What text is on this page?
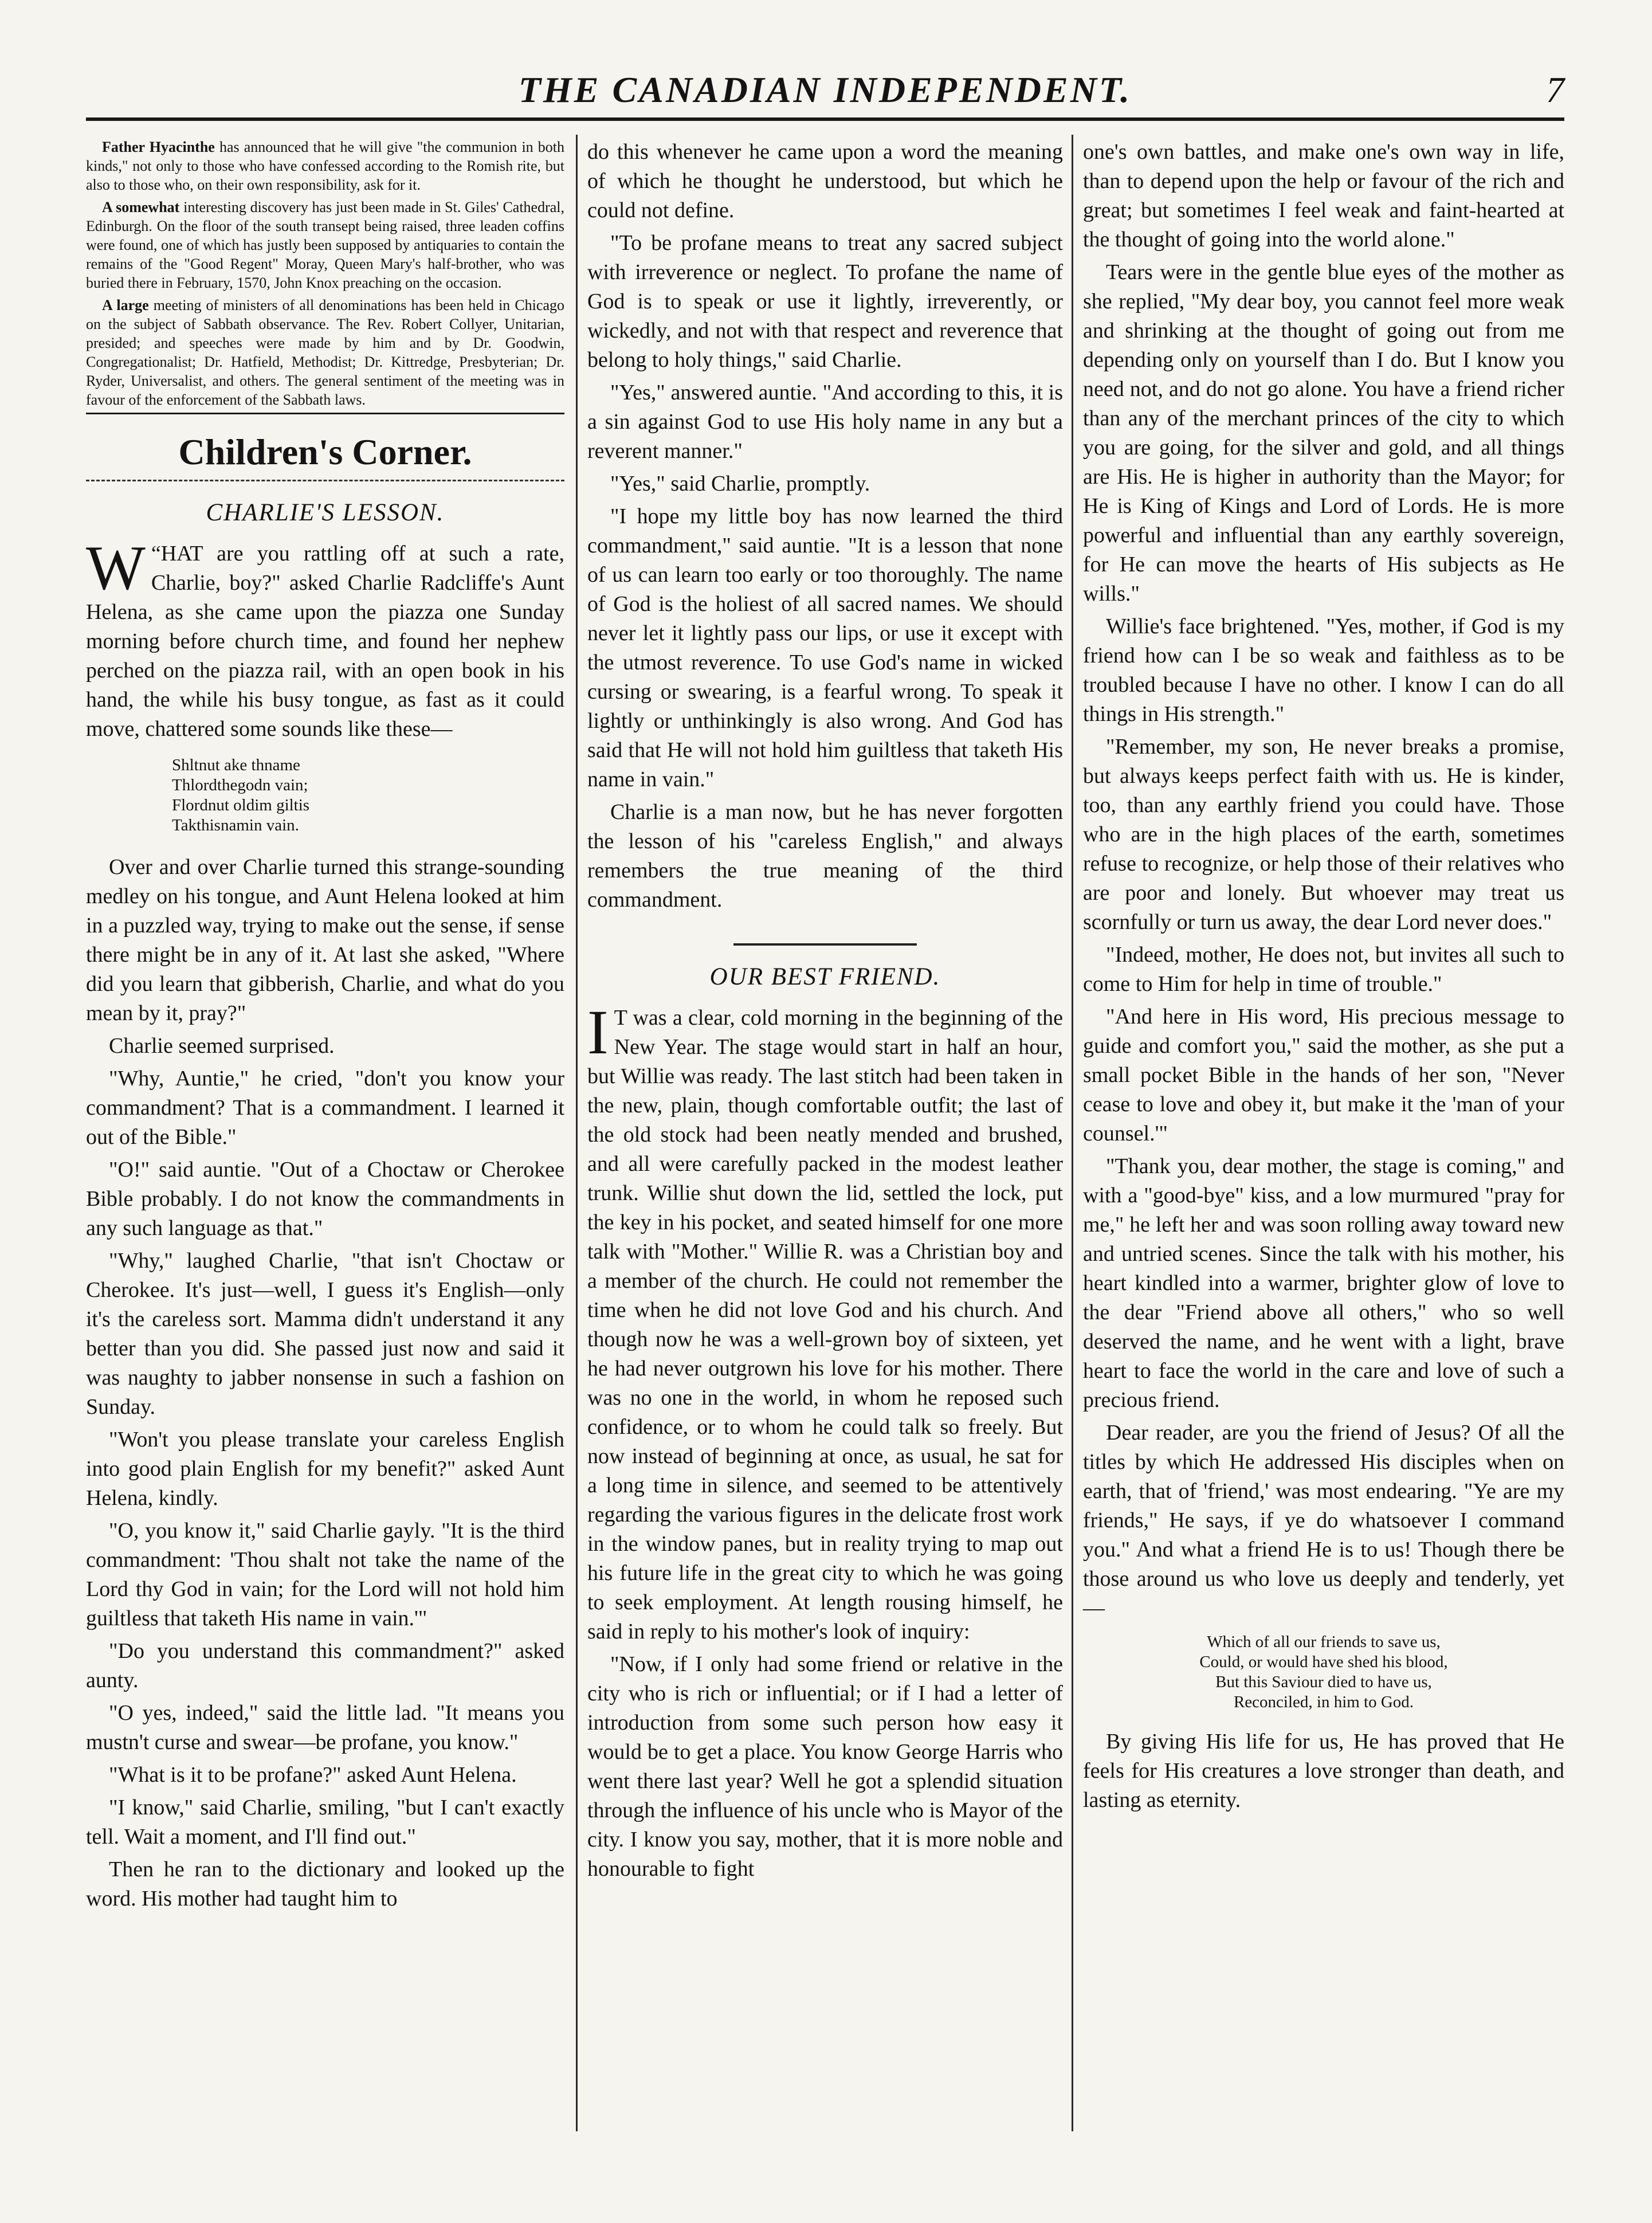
THE CANADIAN INDEPENDENT.	7

Father Hyacinthe has announced that he will give "the communion in both kinds," not only to those who have confessed according to the Romish rite, but also to those who, on their own responsibility, ask for it.

A somewhat interesting discovery has just been made in St. Giles' Cathedral, Edinburgh. On the floor of the south transept being raised, three leaden coffins were found, one of which has justly been supposed by antiquaries to contain the remains of the "Good Regent" Moray, Queen Mary's half-brother, who was buried there in February, 1570, John Knox preaching on the occasion.

A large meeting of ministers of all denominations has been held in Chicago on the subject of Sabbath observance. The Rev. Robert Collyer, Unitarian, presided; and speeches were made by him and by Dr. Goodwin, Congregationalist; Dr. Hatfield, Methodist; Dr. Kittredge, Presbyterian; Dr. Ryder, Universalist, and others. The general sentiment of the meeting was in favour of the enforcement of the Sabbath laws.

Children's Corner.
CHARLIE'S LESSON.

“
W HAT are you rattling off at such a rate, Charlie, boy?" asked Charlie Radcliffe's Aunt Helena, as she came upon the piazza one Sunday morning before church time, and found her nephew perched on the piazza rail, with an open book in his hand, the while his busy tongue, as fast as it could move, chattered some sounds like these—

Shltnut ake thname
Thlordthegodn vain;
Flordnut oldim giltis
Takthisnamin vain.

Over and over Charlie turned this strange-sounding medley on his tongue, and Aunt Helena looked at him in a puzzled way, trying to make out the sense, if sense there might be in any of it. At last she asked, "Where did you learn that gibberish, Charlie, and what do you mean by it, pray?"

Charlie seemed surprised.

"Why, Auntie," he cried, "don't you know your commandment? That is a commandment. I learned it out of the Bible."

"O!" said auntie. "Out of a Choctaw or Cherokee Bible probably. I do not know the commandments in any such language as that."

"Why," laughed Charlie, "that isn't Choctaw or Cherokee. It's just—well, I guess it's English—only it's the careless sort. Mamma didn't understand it any better than you did. She passed just now and said it was naughty to jabber nonsense in such a fashion on Sunday.

"Won't you please translate your careless English into good plain English for my benefit?" asked Aunt Helena, kindly.

"O, you know it," said Charlie gayly. "It is the third commandment: 'Thou shalt not take the name of the Lord thy God in vain; for the Lord will not hold him guiltless that taketh His name in vain.'"

"Do you understand this commandment?" asked aunty.

"O yes, indeed," said the little lad. "It means you mustn't curse and swear—be profane, you know."

"What is it to be profane?" asked Aunt Helena.

"I know," said Charlie, smiling, "but I can't exactly tell. Wait a moment, and I'll find out."

Then he ran to the dictionary and looked up the word. His mother had taught him to

do this whenever he came upon a word the meaning of which he thought he understood, but which he could not define.

"To be profane means to treat any sacred subject with irreverence or neglect. To profane the name of God is to speak or use it lightly, irreverently, or wickedly, and not with that respect and reverence that belong to holy things," said Charlie.

"Yes," answered auntie. "And according to this, it is a sin against God to use His holy name in any but a reverent manner."

"Yes," said Charlie, promptly.

"I hope my little boy has now learned the third commandment," said auntie. "It is a lesson that none of us can learn too early or too thoroughly. The name of God is the holiest of all sacred names. We should never let it lightly pass our lips, or use it except with the utmost reverence. To use God's name in wicked cursing or swearing, is a fearful wrong. To speak it lightly or unthinkingly is also wrong. And God has said that He will not hold him guiltless that taketh His name in vain."

Charlie is a man now, but he has never forgotten the lesson of his "careless English," and always remembers the true meaning of the third commandment.

OUR BEST FRIEND.

I T was a clear, cold morning in the beginning of the New Year. The stage would start in half an hour, but Willie was ready. The last stitch had been taken in the new, plain, though comfortable outfit; the last of the old stock had been neatly mended and brushed, and all were carefully packed in the modest leather trunk. Willie shut down the lid, settled the lock, put the key in his pocket, and seated himself for one more talk with "Mother." Willie R. was a Christian boy and a member of the church. He could not remember the time when he did not love God and his church. And though now he was a well-grown boy of sixteen, yet he had never outgrown his love for his mother. There was no one in the world, in whom he reposed such confidence, or to whom he could talk so freely. But now instead of beginning at once, as usual, he sat for a long time in silence, and seemed to be attentively regarding the various figures in the delicate frost work in the window panes, but in reality trying to map out his future life in the great city to which he was going to seek employment. At length rousing himself, he said in reply to his mother's look of inquiry:

"Now, if I only had some friend or relative in the city who is rich or influential; or if I had a letter of introduction from some such person how easy it would be to get a place. You know George Harris who went there last year? Well he got a splendid situation through the influence of his uncle who is Mayor of the city. I know you say, mother, that it is more noble and honourable to fight

one's own battles, and make one's own way in life, than to depend upon the help or favour of the rich and great; but sometimes I feel weak and faint-hearted at the thought of going into the world alone."

Tears were in the gentle blue eyes of the mother as she replied, "My dear boy, you cannot feel more weak and shrinking at the thought of going out from me depending only on yourself than I do. But I know you need not, and do not go alone. You have a friend richer than any of the merchant princes of the city to which you are going, for the silver and gold, and all things are His. He is higher in authority than the Mayor; for He is King of Kings and Lord of Lords. He is more powerful and influential than any earthly sovereign, for He can move the hearts of His subjects as He wills."

Willie's face brightened. "Yes, mother, if God is my friend how can I be so weak and faithless as to be troubled because I have no other. I know I can do all things in His strength."

"Remember, my son, He never breaks a promise, but always keeps perfect faith with us. He is kinder, too, than any earthly friend you could have. Those who are in the high places of the earth, sometimes refuse to recognize, or help those of their relatives who are poor and lonely. But whoever may treat us scornfully or turn us away, the dear Lord never does."

"Indeed, mother, He does not, but invites all such to come to Him for help in time of trouble."

"And here in His word, His precious message to guide and comfort you," said the mother, as she put a small pocket Bible in the hands of her son, "Never cease to love and obey it, but make it the 'man of your counsel.'"

"Thank you, dear mother, the stage is coming," and with a "good-bye" kiss, and a low murmured "pray for me," he left her and was soon rolling away toward new and untried scenes. Since the talk with his mother, his heart kindled into a warmer, brighter glow of love to the dear "Friend above all others," who so well deserved the name, and he went with a light, brave heart to face the world in the care and love of such a precious friend.

Dear reader, are you the friend of Jesus? Of all the titles by which He addressed His disciples when on earth, that of 'friend,' was most endearing. "Ye are my friends," He says, if ye do whatsoever I command you." And what a friend He is to us! Though there be those around us who love us deeply and tenderly, yet—

Which of all our friends to save us,
Could, or would have shed his blood,
But this Saviour died to have us,
Reconciled, in him to God.

By giving His life for us, He has proved that He feels for His creatures a love stronger than death, and lasting as eternity.
